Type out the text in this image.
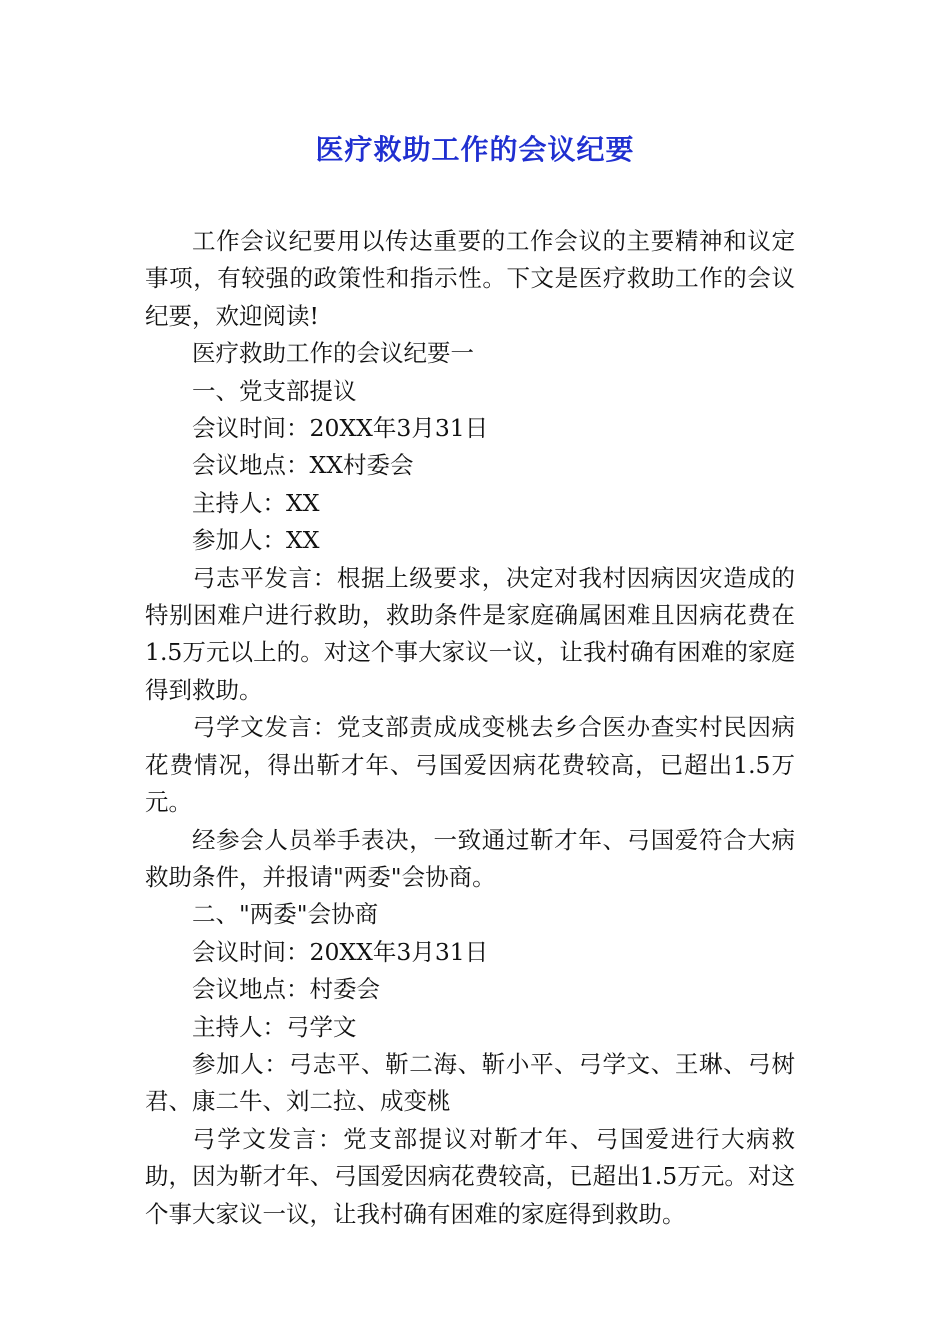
医疗救助工作的会议纪要

工作会议纪要用以传达重要的工作会议的主要精神和议定事项，有较强的政策性和指示性。下文是医疗救助工作的会议纪要，欢迎阅读!

医疗救助工作的会议纪要一

一、党支部提议

会议时间：20XX年3月31日

会议地点：XX村委会

主持人：XX

参加人：XX

弓志平发言：根据上级要求，决定对我村因病因灾造成的特别困难户进行救助，救助条件是家庭确属困难且因病花费在1.5万元以上的。对这个事大家议一议，让我村确有困难的家庭得到救助。

弓学文发言：党支部责成成变桃去乡合医办查实村民因病花费情况，得出靳才年、弓国爱因病花费较高，已超出1.5万元。

经参会人员举手表决，一致通过靳才年、弓国爱符合大病救助条件，并报请"两委"会协商。

二、"两委"会协商

会议时间：20XX年3月31日

会议地点：村委会

主持人：弓学文

参加人：弓志平、靳二海、靳小平、弓学文、王琳、弓树君、康二牛、刘二拉、成变桃

弓学文发言：党支部提议对靳才年、弓国爱进行大病救助，因为靳才年、弓国爱因病花费较高，已超出1.5万元。对这个事大家议一议，让我村确有困难的家庭得到救助。
